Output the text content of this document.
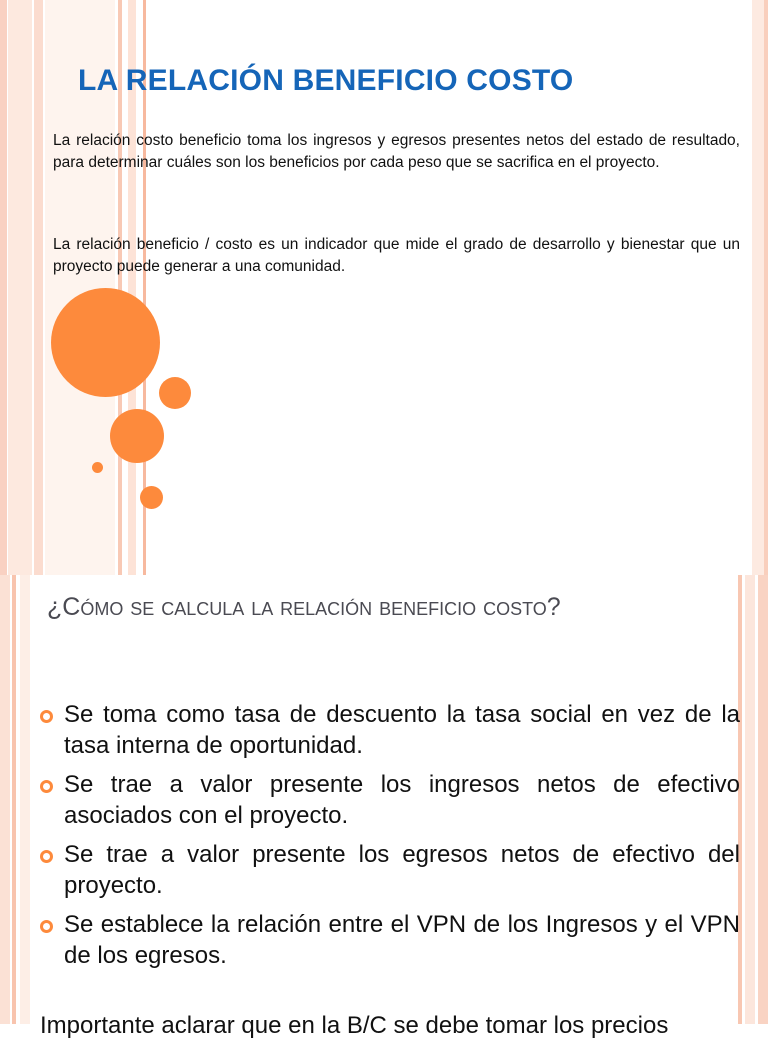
LA RELACIÓN BENEFICIO COSTO

La relación costo beneficio toma los ingresos y egresos presentes netos del estado de resultado, para determinar cuáles son los beneficios por cada peso que se sacrifica en el proyecto.

La relación beneficio / costo es un indicador que mide el grado de desarrollo y bienestar que un proyecto puede generar a una comunidad.

¿Cómo se calcula la relación beneficio costo?
Se toma como tasa de descuento la tasa social en vez de la tasa interna de oportunidad.
Se trae a valor presente los ingresos netos de efectivo asociados con el proyecto.
Se trae a valor presente los egresos netos de efectivo del proyecto.
Se establece la relación entre el VPN de los Ingresos y el VPN de los egresos.

Importante aclarar que en la B/C se debe tomar los precios
